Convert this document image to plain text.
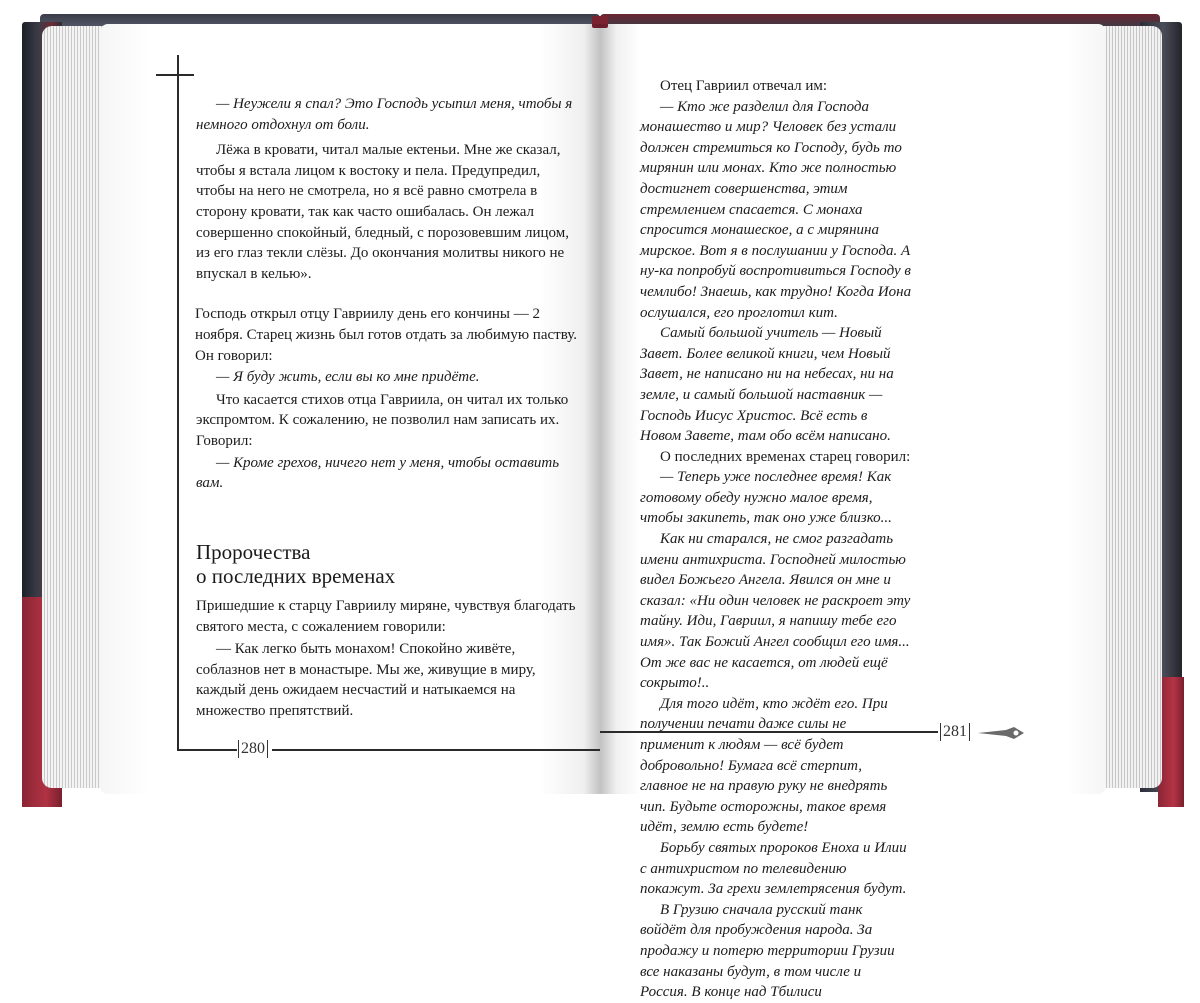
— Неужели я спал? Это Господь усыпил меня, чтобы я немного отдохнул от боли.

Лёжа в кровати, читал малые ектеньи. Мне же сказал, чтобы я встала лицом к востоку и пела. Предупредил, чтобы на него не смотрела, но я всё равно смотрела в сторону кровати, так как часто ошибалась. Он лежал совершенно спокойный, бледный, с порозовевшим лицом, из его глаз текли слёзы. До окончания молитвы никого не впускал в келью».

Господь открыл отцу Гавриилу день его кончины — 2 ноября. Старец жизнь был готов отдать за любимую паству. Он говорил:

— Я буду жить, если вы ко мне придёте.

Что касается стихов отца Гавриила, он читал их только экспромтом. К сожалению, не позволил нам записать их. Говорил:

— Кроме грехов, ничего нет у меня, чтобы оставить вам.

Пророчества
о последних временах

Пришедшие к старцу Гавриилу миряне, чувствуя благодать святого места, с сожалением говорили:

— Как легко быть монахом! Спокойно живёте, соблазнов нет в монастыре. Мы же, живущие в миру, каждый день ожидаем несчастий и натыкаемся на множество препятствий.

280

Отец Гавриил отвечал им:

— Кто же разделил для Господа монашество и мир? Человек без устали должен стремиться ко Господу, будь то мирянин или монах. Кто же полностью достигнет совершенства, этим стремлением спасается. С монаха спросится монашеское, а с мирянина мирское. Вот я в послушании у Господа. А ну-ка попробуй воспротивиться Господу в чемлибо! Знаешь, как трудно! Когда Иона ослушался, его проглотил кит.

Самый большой учитель — Новый Завет. Более великой книги, чем Новый Завет, не написано ни на небесах, ни на земле, и самый большой наставник — Господь Иисус Христос. Всё есть в Новом Завете, там обо всём написано.

О последних временах старец говорил:

— Теперь уже последнее время! Как готовому обеду нужно малое время, чтобы закипеть, так оно уже близко...

Как ни старался, не смог разгадать имени антихриста. Господней милостью видел Божьего Ангела. Явился он мне и сказал: «Ни один человек не раскроет эту тайну. Иди, Гавриил, я напишу тебе его имя». Так Божий Ангел сообщил его имя... От же вас не касается, от людей ещё сокрыто!..

Для того идёт, кто ждёт его. При получении печати даже силы не применит к людям — всё будет добровольно! Бумага всё стерпит, главное не на правую руку не внедрять чип. Будьте осторожны, такое время идёт, землю есть будете!

Борьбу святых пророков Еноха и Илии с антихристом по телевидению покажут. За грехи землетрясения будут.

В Грузию сначала русский танк войдёт для пробуждения народа. За продажу и потерю территории Грузии все наказаны будут, в том числе и Россия. В конце над Тбилиси

281
